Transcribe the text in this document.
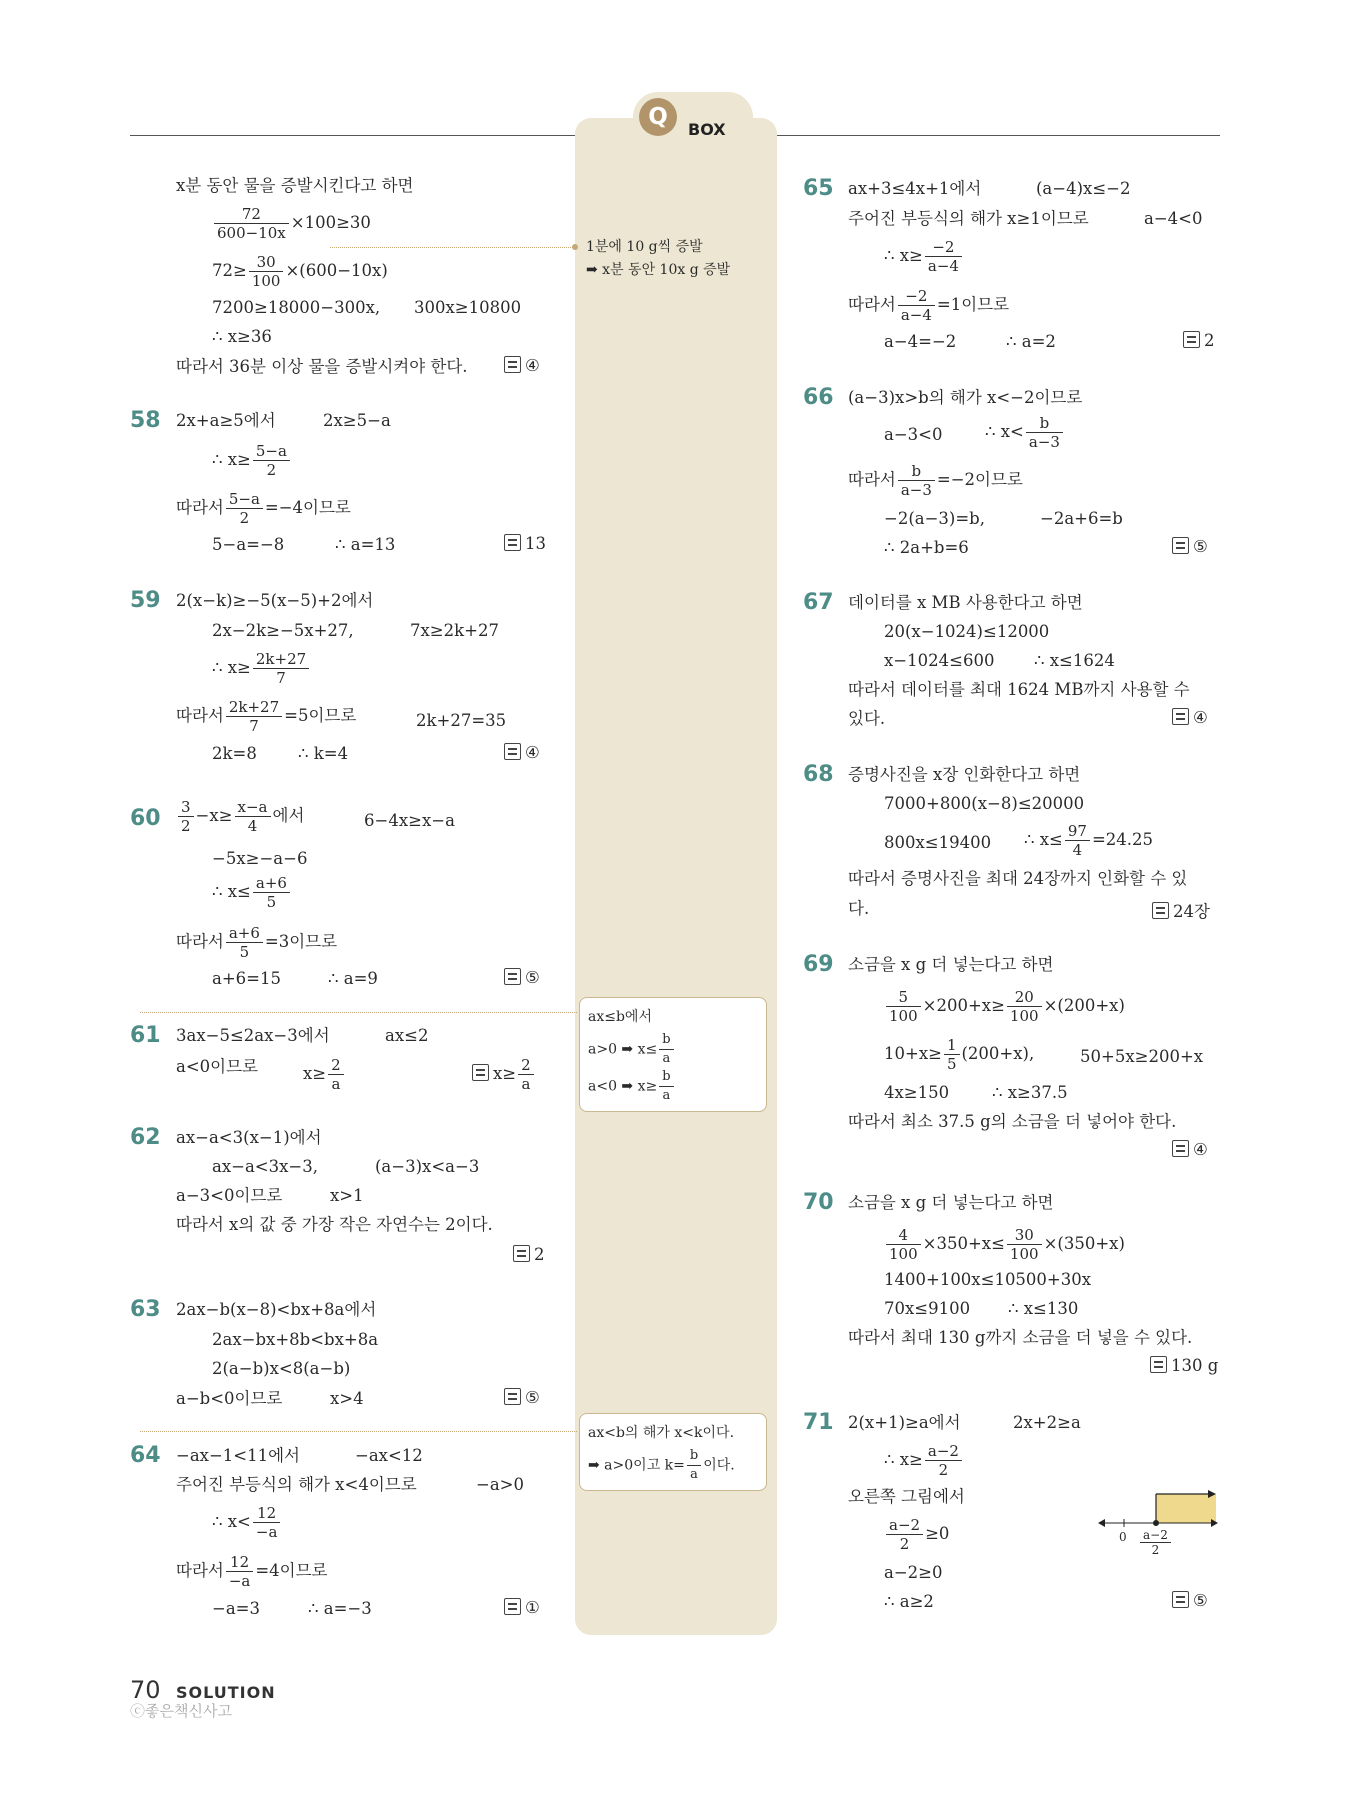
Q	BOX
x분 동안 물을 증발시킨다고 하면
$\frac{72}{600-10x} \times 100\ge 30$
$72\ge \frac{30}{100} \times(600-10x)$
7200≥18000−300x, 300x≥10800
∴ x≥36
따라서 36분 이상 물을 증발시켜야 한다.	④
58 2x+a≥5에서	2x≥5−a
∴ $x\ge \frac{5-a}{2}$
따라서 $\frac{5-a}{2} =-4$이므로
5−a=−8	∴ a=13	13
59 2(x−k)≥−5(x−5)+2에서
2x−2k≥−5x+27,	7x≥2k+27
∴ $x\ge \frac{2k+27}{7}$
따라서 $\frac{2k+27}{7} =5$이므로	2k+27=35
2k=8 ∴ k=4	④
$60 \frac{3}{2} -x\ge \frac{x-a}{4}$ 에서	6−4x≥x−a
−5x≥−a−6
∴ $x\le \frac{a+6}{5}$
따라서 $\frac{a+6}{5} =3$이므로
a+6=15	∴ a=9	⑤
61 3ax−5≤2ax−3에서	ax≤2
a<0이므로	$x\ge \frac{2}{a}$	$x\ge \frac{2}{a}$
62 ax−a<3(x−1)에서
ax−a<3x−3,	(a−3)x<a−3
a−3<0이므로	x>1
따라서 x의 값 중 가장 작은 자연수는 2이다.
2
63 2ax−b(x−8)<bx+8a에서
2ax−bx+8b<bx+8a
2(a−b)x<8(a−b)
a−b<0이므로	x>4	⑤
64 −ax−1<11에서	−ax<12
주어진 부등식의 해가 x<4이므로	−a>0
∴ $x< \frac{12}{-a}$
따라서 $\frac{12}{-a} =4$이므로
−a=3	∴ a=−3	①
1분에 10 g씩 증발
➡ x분 동안 10x g 증발
ax≤b에서
a>0 ➡ $x\le \frac{b}{a}$
a<0 ➡ $x\ge \frac{b}{a}$
ax<b의 해가 x<k이다.
➡ a>0이고 $k= \frac{b}{a}$ 이다.
65 ax+3≤4x+1에서	(a−4)x≤−2
주어진 부등식의 해가 x≥1이므로	a−4<0
∴ $x\ge \frac{-2}{a-4}$
따라서 $\frac{-2}{a-4} =1$이므로
a−4=−2	∴ a=2	2
66 (a−3)x>b의 해가 x<−2이므로
a−3<0	∴ $x< \frac{b}{a-3}$
따라서 $\frac{b}{a-3} =-2$이므로
−2(a−3)=b,	−2a+6=b
∴ 2a+b=6	⑤
67 데이터를 x MB 사용한다고 하면
20(x−1024)≤12000
x−1024≤600 ∴ x≤1624
따라서 데이터를 최대 1624 MB까지 사용할 수
있다.	④
68 증명사진을 x장 인화한다고 하면
7000+800(x−8)≤20000
800x≤19400 ∴ $x\le \frac{97}{4} =24.25$
따라서 증명사진을 최대 24장까지 인화할 수 있
다.	24장
69 소금을 x g 더 넣는다고 하면
$\frac{5}{100} \times 200+x\ge \frac{20}{100} \times(200+x)$
$10+x\ge \frac{1}{5} (200+x)$,	50+5x≥200+x
4x≥150	∴ x≥37.5
따라서 최소 37.5 g의 소금을 더 넣어야 한다.
④
70 소금을 x g 더 넣는다고 하면
$\frac{4}{100} \times 350+x\le \frac{30}{100} \times(350+x)$
1400+100x≤10500+30x
70x≤9100 ∴ x≤130
따라서 최대 130 g까지 소금을 더 넣을 수 있다.
130 g
71 2(x+1)≥a에서	2x+2≥a
∴ $x\ge \frac{a-2}{2}$
오른쪽 그림에서
$\frac{a-2}{2} \ge 0$
a−2≥0
∴ a≥2	⑤
$0 \frac{a-2}{2}$
70 SOLUTION
ⓒ좋은책신사고
